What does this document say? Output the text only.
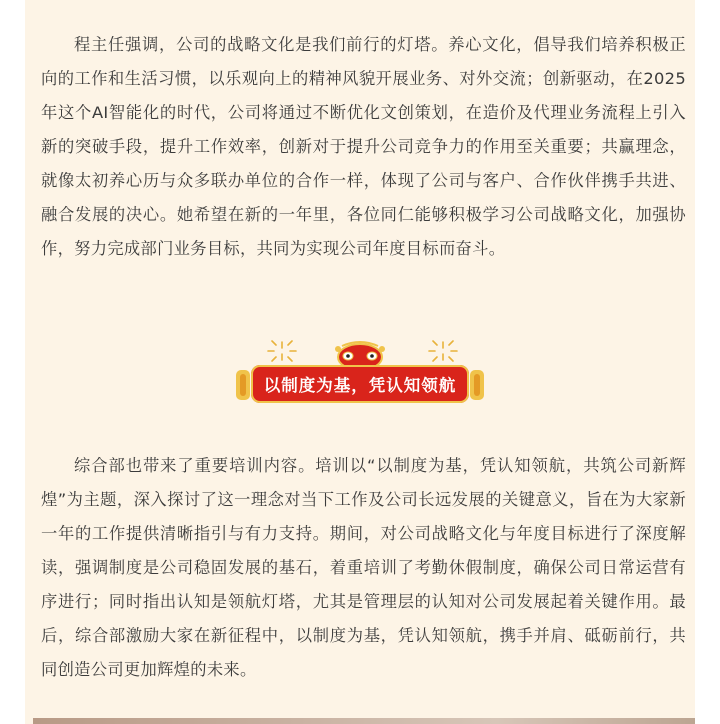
程主任强调，公司的战略文化是我们前行的灯塔。养心文化，倡导我们培养积极正向的工作和生活习惯，以乐观向上的精神风貌开展业务、对外交流；创新驱动，在2025年这个AI智能化的时代，公司将通过不断优化文创策划，在造价及代理业务流程上引入新的突破手段，提升工作效率，创新对于提升公司竞争力的作用至关重要；共赢理念，就像太初养心历与众多联办单位的合作一样，体现了公司与客户、合作伙伴携手共进、融合发展的决心。她希望在新的一年里，各位同仁能够积极学习公司战略文化，加强协作，努力完成部门业务目标，共同为实现公司年度目标而奋斗。

以制度为基，凭认知领航

综合部也带来了重要培训内容。培训以“以制度为基，凭认知领航，共筑公司新辉煌”为主题，深入探讨了这一理念对当下工作及公司长远发展的关键意义，旨在为大家新一年的工作提供清晰指引与有力支持。期间，对公司战略文化与年度目标进行了深度解读，强调制度是公司稳固发展的基石，着重培训了考勤休假制度，确保公司日常运营有序进行；同时指出认知是领航灯塔，尤其是管理层的认知对公司发展起着关键作用。最后，综合部激励大家在新征程中，以制度为基，凭认知领航，携手并肩、砥砺前行，共同创造公司更加辉煌的未来。
